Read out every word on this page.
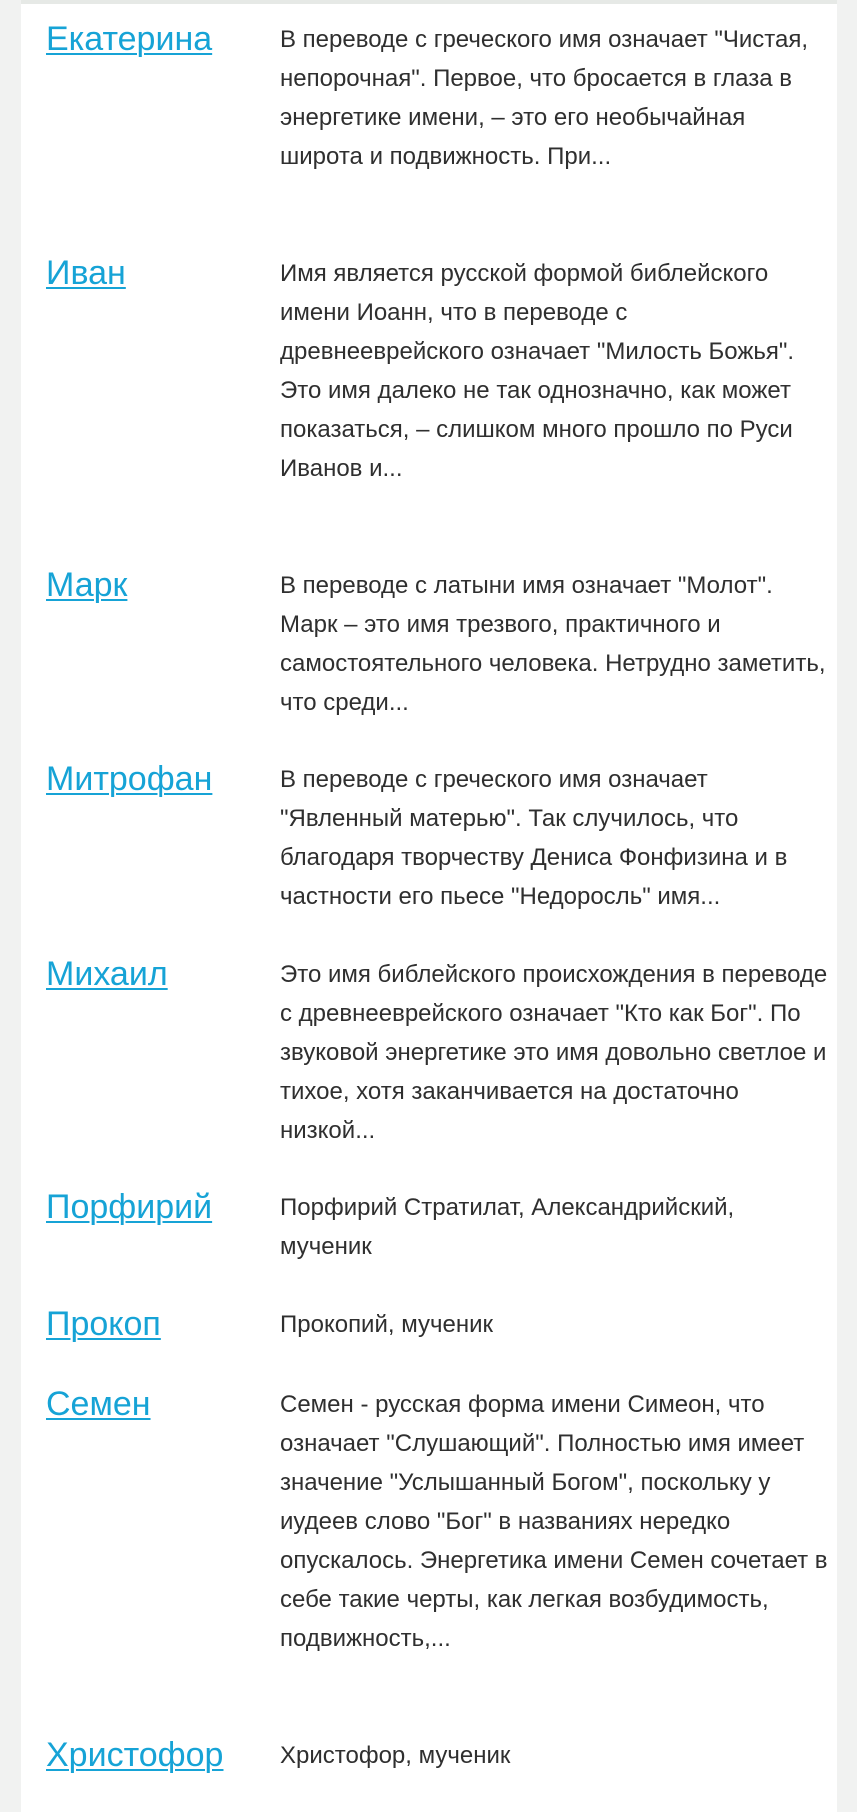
Екатерина	В переводе с греческого имя означает "Чистая, непорочная". Первое, что бросается в глаза в энергетике имени, – это его необычайная широта и подвижность. При...

Иван	Имя является русской формой библейского имени Иоанн, что в переводе с древнееврейского означает "Милость Божья". Это имя далеко не так однозначно, как может показаться, – слишком много прошло по Руси Иванов и...

Марк	В переводе с латыни имя означает "Молот". Марк – это имя трезвого, практичного и самостоятельного человека. Нетрудно заметить, что среди...

Митрофан	В переводе с греческого имя означает "Явленный матерью". Так случилось, что благодаря творчеству Дениса Фонфизина и в частности его пьесе "Недоросль" имя...

Михаил	Это имя библейского происхождения в переводе с древнееврейского означает "Кто как Бог". По звуковой энергетике это имя довольно светлое и тихое, хотя заканчивается на достаточно низкой...

Порфирий	Порфирий Стратилат, Александрийский, мученик

Прокоп	Прокопий, мученик

Семен	Семен - русская форма имени Симеон, что означает "Слушающий". Полностью имя имеет значение "Услышанный Богом", поскольку у иудеев слово "Бог" в названиях нередко опускалось. Энергетика имени Семен сочетает в себе такие черты, как легкая возбудимость, подвижность,...

Христофор Христофор, мученик
